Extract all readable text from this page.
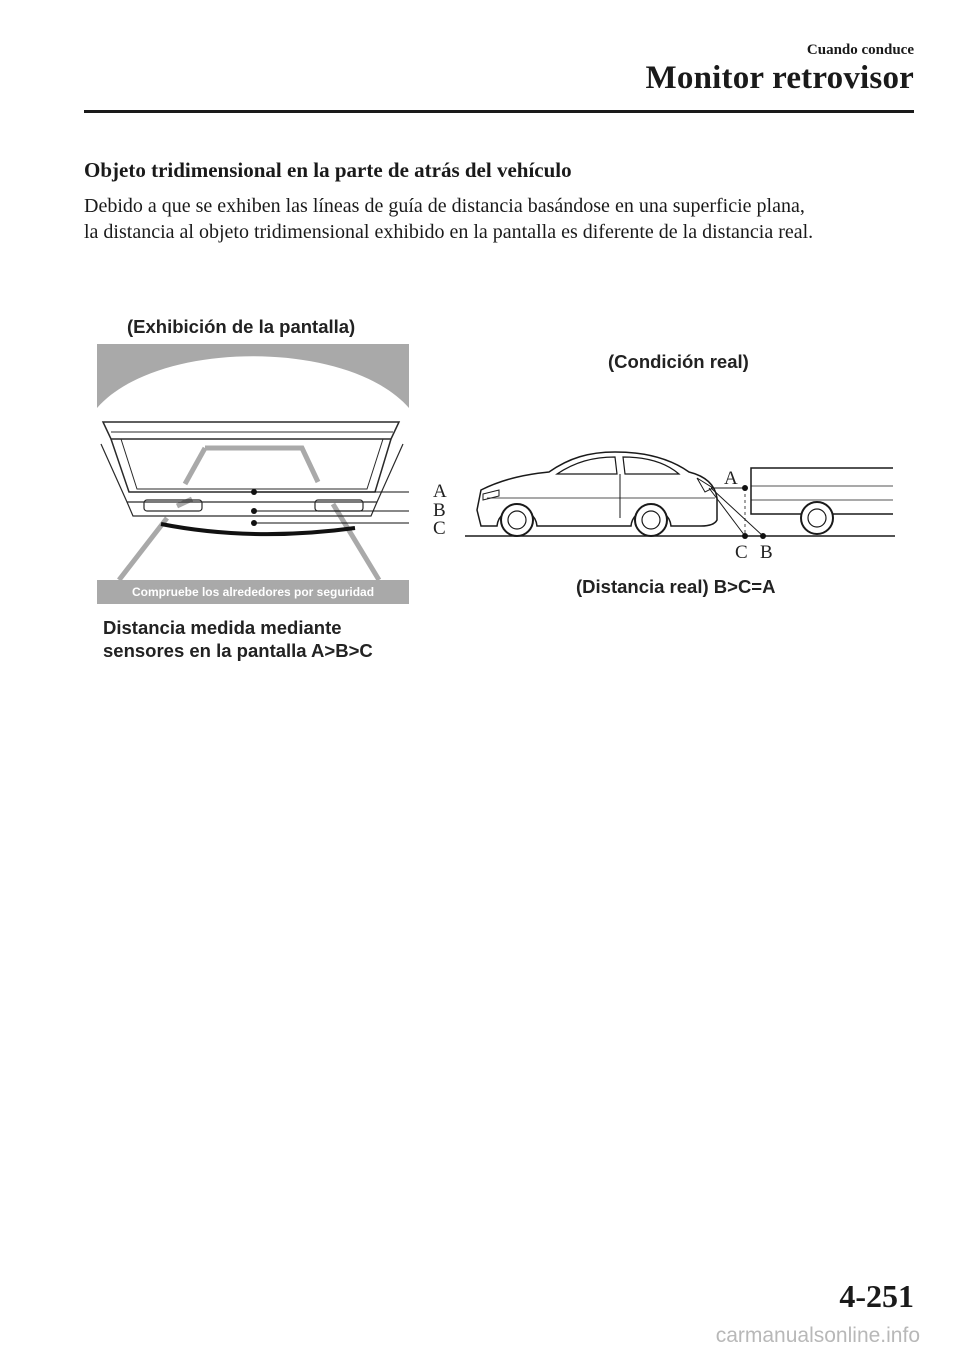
Cuando conduce
Monitor retrovisor
Objeto tridimensional en la parte de atrás del vehículo
Debido a que se exhiben las líneas de guía de distancia basándose en una superficie plana,
la distancia al objeto tridimensional exhibido en la pantalla es diferente de la distancia real.
(Exhibición de la pantalla)
Compruebe los alrededores por seguridad
A
B
C
Distancia medida mediante
sensores en la pantalla A>B>C
(Condición real)
A
C B
(Distancia real) B>C=A
4-251
carmanualsonline.info
